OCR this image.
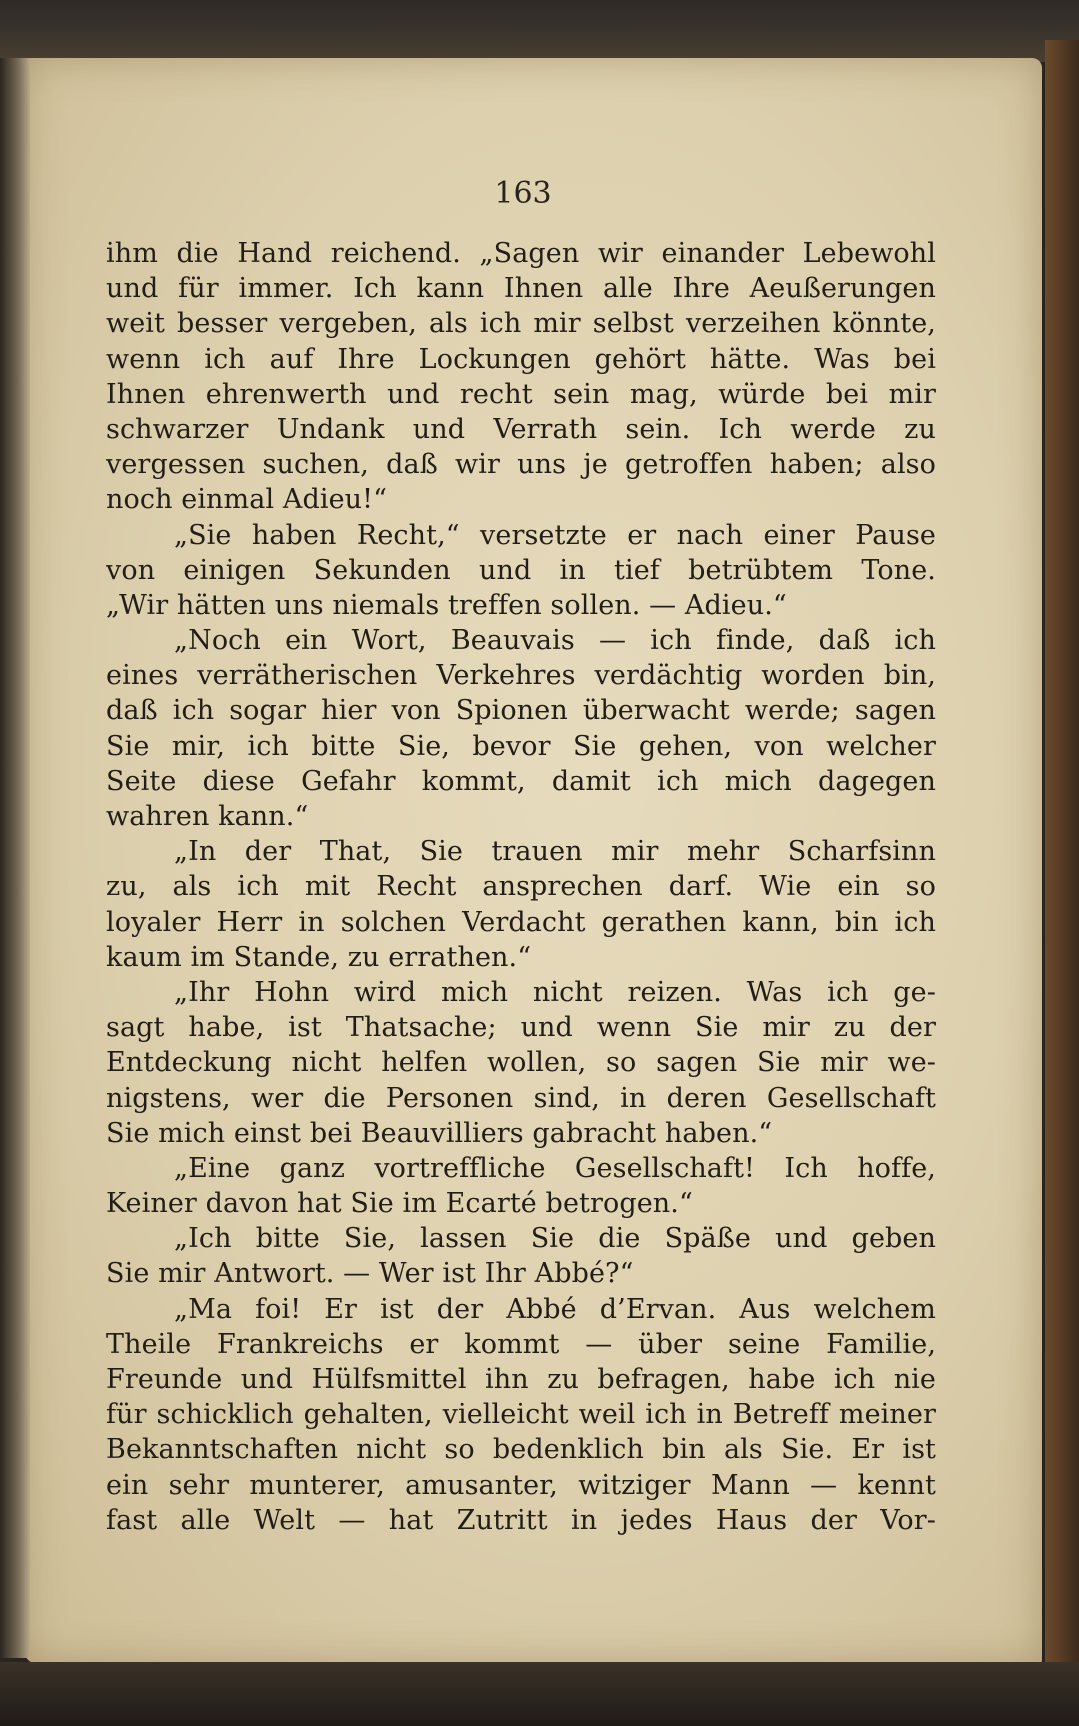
163
ihm die Hand reichend. „Sagen wir einander Lebewohl
und für immer. Ich kann Ihnen alle Ihre Aeußerungen
weit besser vergeben, als ich mir selbst verzeihen könnte,
wenn ich auf Ihre Lockungen gehört hätte. Was bei
Ihnen ehrenwerth und recht sein mag, würde bei mir
schwarzer Undank und Verrath sein. Ich werde zu
vergessen suchen, daß wir uns je getroffen haben; also
noch einmal Adieu!“
„Sie haben Recht,“ versetzte er nach einer Pause
von einigen Sekunden und in tief betrübtem Tone.
„Wir hätten uns niemals treffen sollen. — Adieu.“
„Noch ein Wort, Beauvais — ich finde, daß ich
eines verrätherischen Verkehres verdächtig worden bin,
daß ich sogar hier von Spionen überwacht werde; sagen
Sie mir, ich bitte Sie, bevor Sie gehen, von welcher
Seite diese Gefahr kommt, damit ich mich dagegen
wahren kann.“
„In der That, Sie trauen mir mehr Scharfsinn
zu, als ich mit Recht ansprechen darf. Wie ein so
loyaler Herr in solchen Verdacht gerathen kann, bin ich
kaum im Stande, zu errathen.“
„Ihr Hohn wird mich nicht reizen. Was ich ge-
sagt habe, ist Thatsache; und wenn Sie mir zu der
Entdeckung nicht helfen wollen, so sagen Sie mir we-
nigstens, wer die Personen sind, in deren Gesellschaft
Sie mich einst bei Beauvilliers gabracht haben.“
„Eine ganz vortreffliche Gesellschaft! Ich hoffe,
Keiner davon hat Sie im Ecarté betrogen.“
„Ich bitte Sie, lassen Sie die Späße und geben
Sie mir Antwort. — Wer ist Ihr Abbé?“
„Ma foi! Er ist der Abbé d’Ervan. Aus welchem
Theile Frankreichs er kommt — über seine Familie,
Freunde und Hülfsmittel ihn zu befragen, habe ich nie
für schicklich gehalten, vielleicht weil ich in Betreff meiner
Bekanntschaften nicht so bedenklich bin als Sie. Er ist
ein sehr munterer, amusanter, witziger Mann — kennt
fast alle Welt — hat Zutritt in jedes Haus der Vor-
